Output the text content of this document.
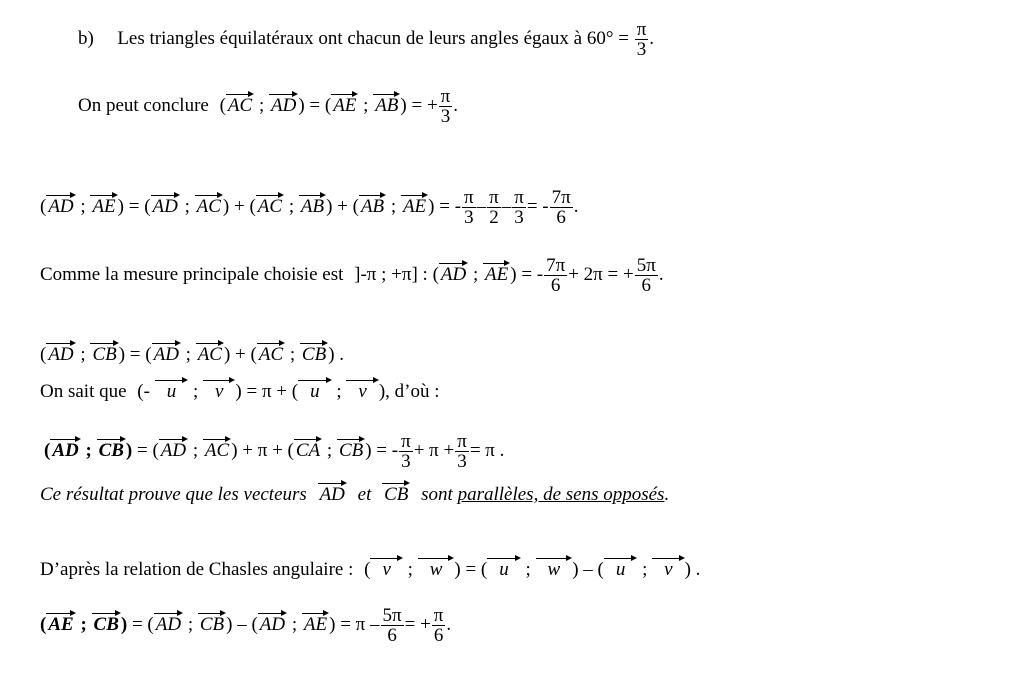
b) Les triangles équilatéraux ont chacun de leurs angles égaux à $60^\circ = \frac{\pi}{3}$ .
On peut conclure ( AC ; AD ) = ( AE ; AB ) = + $\frac{\pi}{3}$ .
( AD ; AE ) = ( AD ; AC ) + ( AC ; AB ) + ( AB ; AE ) = - $\frac{\pi}{3} - \frac{\pi}{2} - \frac{\pi}{3}$ = - $\frac{7\pi}{6}$ .
Comme la mesure principale choisie est ]-π ; +π] : ( AD ; AE ) = - $\frac{7\pi}{6} + 2\pi$ = + $\frac{5\pi}{6}$ .
( AD ; CB ) = ( AD ; AC ) + ( AC ; CB ) .
On sait que (- u ; v ) = π + ( u ; v ), d’où :
( AD ; CB ) = ( AD ; AC ) + π + ( CA ; CB ) = - $\frac{\pi}{3} + \pi + \frac{\pi}{3} = \pi$ .
Ce résultat prouve que les vecteurs AD et CB sont parallèles, de sens opposés.
D’après la relation de Chasles angulaire : ( v ; w ) = ( u ; w ) – ( u ; v ) .
( AE ; CB ) = ( AD ; CB ) – ( AD ; AE ) = π – $\frac{5\pi}{6}$ = + $\frac{\pi}{6}$ .
